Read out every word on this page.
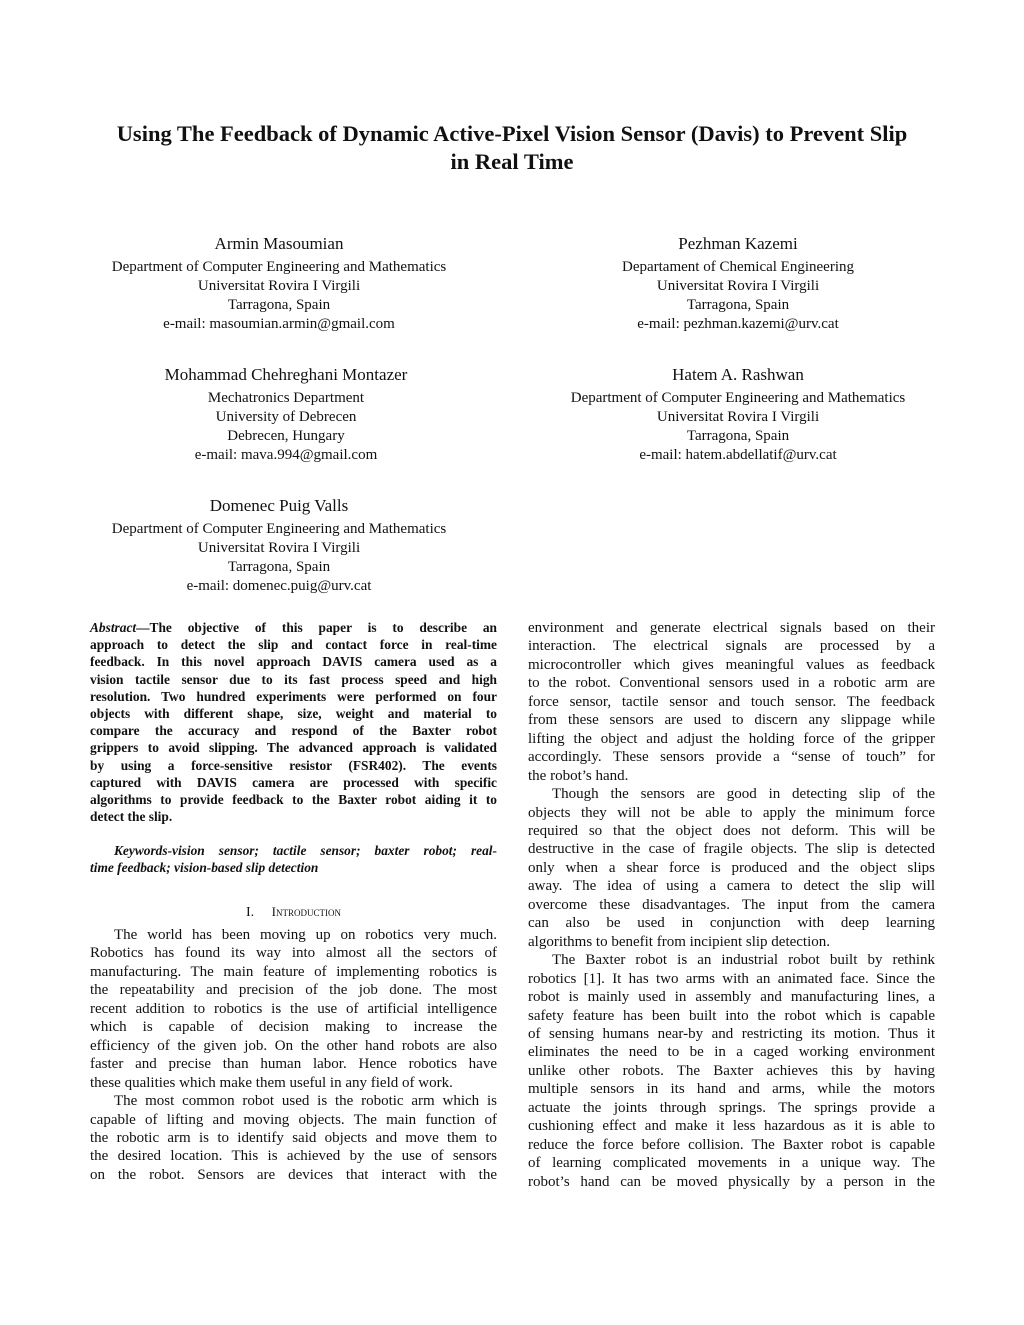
Using The Feedback of Dynamic Active-Pixel Vision Sensor (Davis) to Prevent Slip
in Real Time
Armin Masoumian
Department of Computer Engineering and Mathematics
Universitat Rovira I Virgili
Tarragona, Spain
e-mail: masoumian.armin@gmail.com
Pezhman Kazemi
Departament of Chemical Engineering
Universitat Rovira I Virgili
Tarragona, Spain
e-mail: pezhman.kazemi@urv.cat
Mohammad Chehreghani Montazer
Mechatronics Department
University of Debrecen
Debrecen, Hungary
e-mail: mava.994@gmail.com
Hatem A. Rashwan
Department of Computer Engineering and Mathematics
Universitat Rovira I Virgili
Tarragona, Spain
e-mail: hatem.abdellatif@urv.cat
Domenec Puig Valls
Department of Computer Engineering and Mathematics
Universitat Rovira I Virgili
Tarragona, Spain
e-mail: domenec.puig@urv.cat
Abstract—The objective of this paper is to describe an
approach to detect the slip and contact force in real-time
feedback. In this novel approach DAVIS camera used as a
vision tactile sensor due to its fast process speed and high
resolution. Two hundred experiments were performed on four
objects with different shape, size, weight and material to
compare the accuracy and respond of the Baxter robot
grippers to avoid slipping. The advanced approach is validated
by using a force-sensitive resistor (FSR402). The events
captured with DAVIS camera are processed with specific
algorithms to provide feedback to the Baxter robot aiding it to
detect the slip.
Keywords-vision sensor; tactile sensor; baxter robot; real-
time feedback; vision-based slip detection
I. Introduction
The world has been moving up on robotics very much.
Robotics has found its way into almost all the sectors of
manufacturing. The main feature of implementing robotics is
the repeatability and precision of the job done. The most
recent addition to robotics is the use of artificial intelligence
which is capable of decision making to increase the
efficiency of the given job. On the other hand robots are also
faster and precise than human labor. Hence robotics have
these qualities which make them useful in any field of work.
The most common robot used is the robotic arm which is
capable of lifting and moving objects. The main function of
the robotic arm is to identify said objects and move them to
the desired location. This is achieved by the use of sensors
on the robot. Sensors are devices that interact with the
environment and generate electrical signals based on their
interaction. The electrical signals are processed by a
microcontroller which gives meaningful values as feedback
to the robot. Conventional sensors used in a robotic arm are
force sensor, tactile sensor and touch sensor. The feedback
from these sensors are used to discern any slippage while
lifting the object and adjust the holding force of the gripper
accordingly. These sensors provide a “sense of touch” for
the robot’s hand.
Though the sensors are good in detecting slip of the
objects they will not be able to apply the minimum force
required so that the object does not deform. This will be
destructive in the case of fragile objects. The slip is detected
only when a shear force is produced and the object slips
away. The idea of using a camera to detect the slip will
overcome these disadvantages. The input from the camera
can also be used in conjunction with deep learning
algorithms to benefit from incipient slip detection.
The Baxter robot is an industrial robot built by rethink
robotics [1]. It has two arms with an animated face. Since the
robot is mainly used in assembly and manufacturing lines, a
safety feature has been built into the robot which is capable
of sensing humans near-by and restricting its motion. Thus it
eliminates the need to be in a caged working environment
unlike other robots. The Baxter achieves this by having
multiple sensors in its hand and arms, while the motors
actuate the joints through springs. The springs provide a
cushioning effect and make it less hazardous as it is able to
reduce the force before collision. The Baxter robot is capable
of learning complicated movements in a unique way. The
robot’s hand can be moved physically by a person in the
